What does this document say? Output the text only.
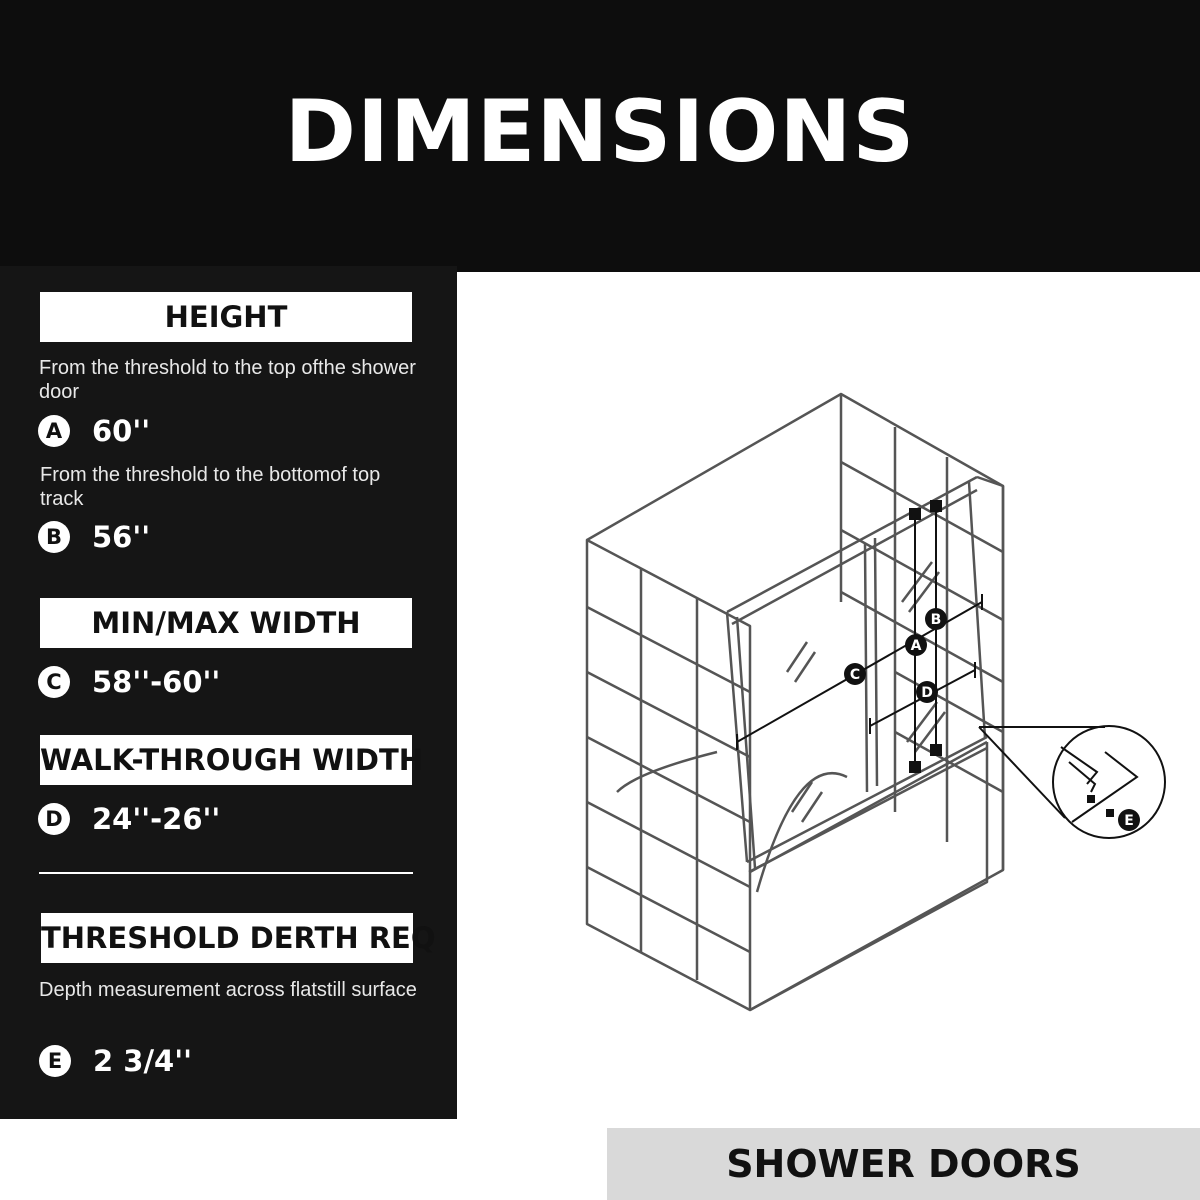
DIMENSIONS
HEIGHT
From the threshold to the top ofthe shower door
A 60''
From the threshold to the bottomof top track
B 56''
MIN/MAX WIDTH
C 58''-60''
WALK-THROUGH WIDTH
D 24''-26''
THRESHOLD DERTH REQ
Depth measurement across flatstill surface
E	2 3/4''
A
B
C
D
E
SHOWER DOORS
